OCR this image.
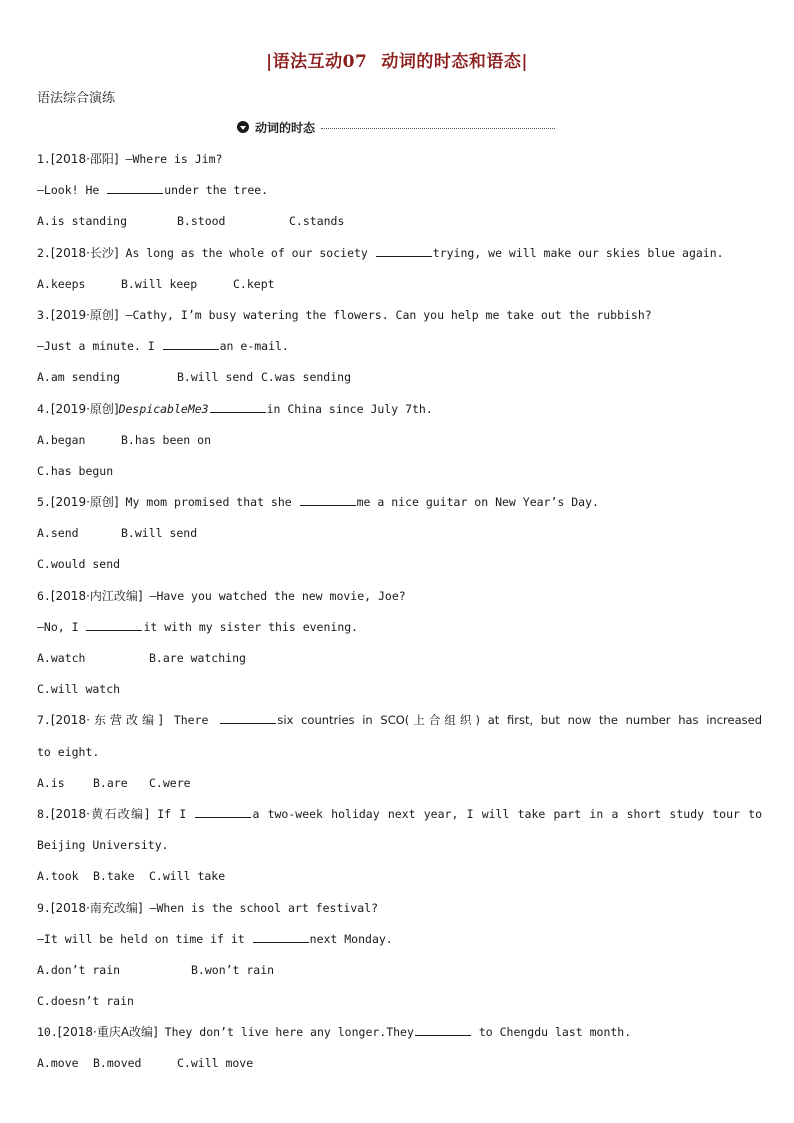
|语法互动07 动词的时态和语态|

语法综合演练

动词的时态
1.[2018·邵阳] —Where is Jim?
—Look! He	under the tree.
A.is standing	B.stood	C.stands
2.[2018·长沙] As long as the whole of our society	trying, we will make our skies blue again.
A.keeps	B.will keep	C.kept
3.[2019·原创] —Cathy, I’m busy watering the flowers. Can you help me take out the rubbish?
—Just a minute. I	an e-mail.
A.am sending	B.will send C.was sending
4.[2019·原创]DespicableMe3	in China since July 7th.
A.began	B.has been on
C.has begun
5.[2019·原创] My mom promised that she	me a nice guitar on New Year’s Day.
A.send	B.will send
C.would send
6.[2018·内江改编] —Have you watched the new movie, Joe?
—No, I	it with my sister this evening.
A.watch	B.are watching
C.will watch
7.[2018·东营改编] There	six countries in SCO(上合组织) at first, but now the number has increased
to eight.
A.is B.are C.were
8.[2018·黄石改编] If I	a two-week holiday next year, I will take part in a short study tour to
Beijing University.
A.took B.take C.will take
9.[2018·南充改编] —When is the school art festival?
—It will be held on time if it	next Monday.
A.don’t rain	B.won’t rain
C.doesn’t rain
10.[2018·重庆A改编] They don’t live here any longer.They	to Chengdu last month.
A.move B.moved	C.will move
